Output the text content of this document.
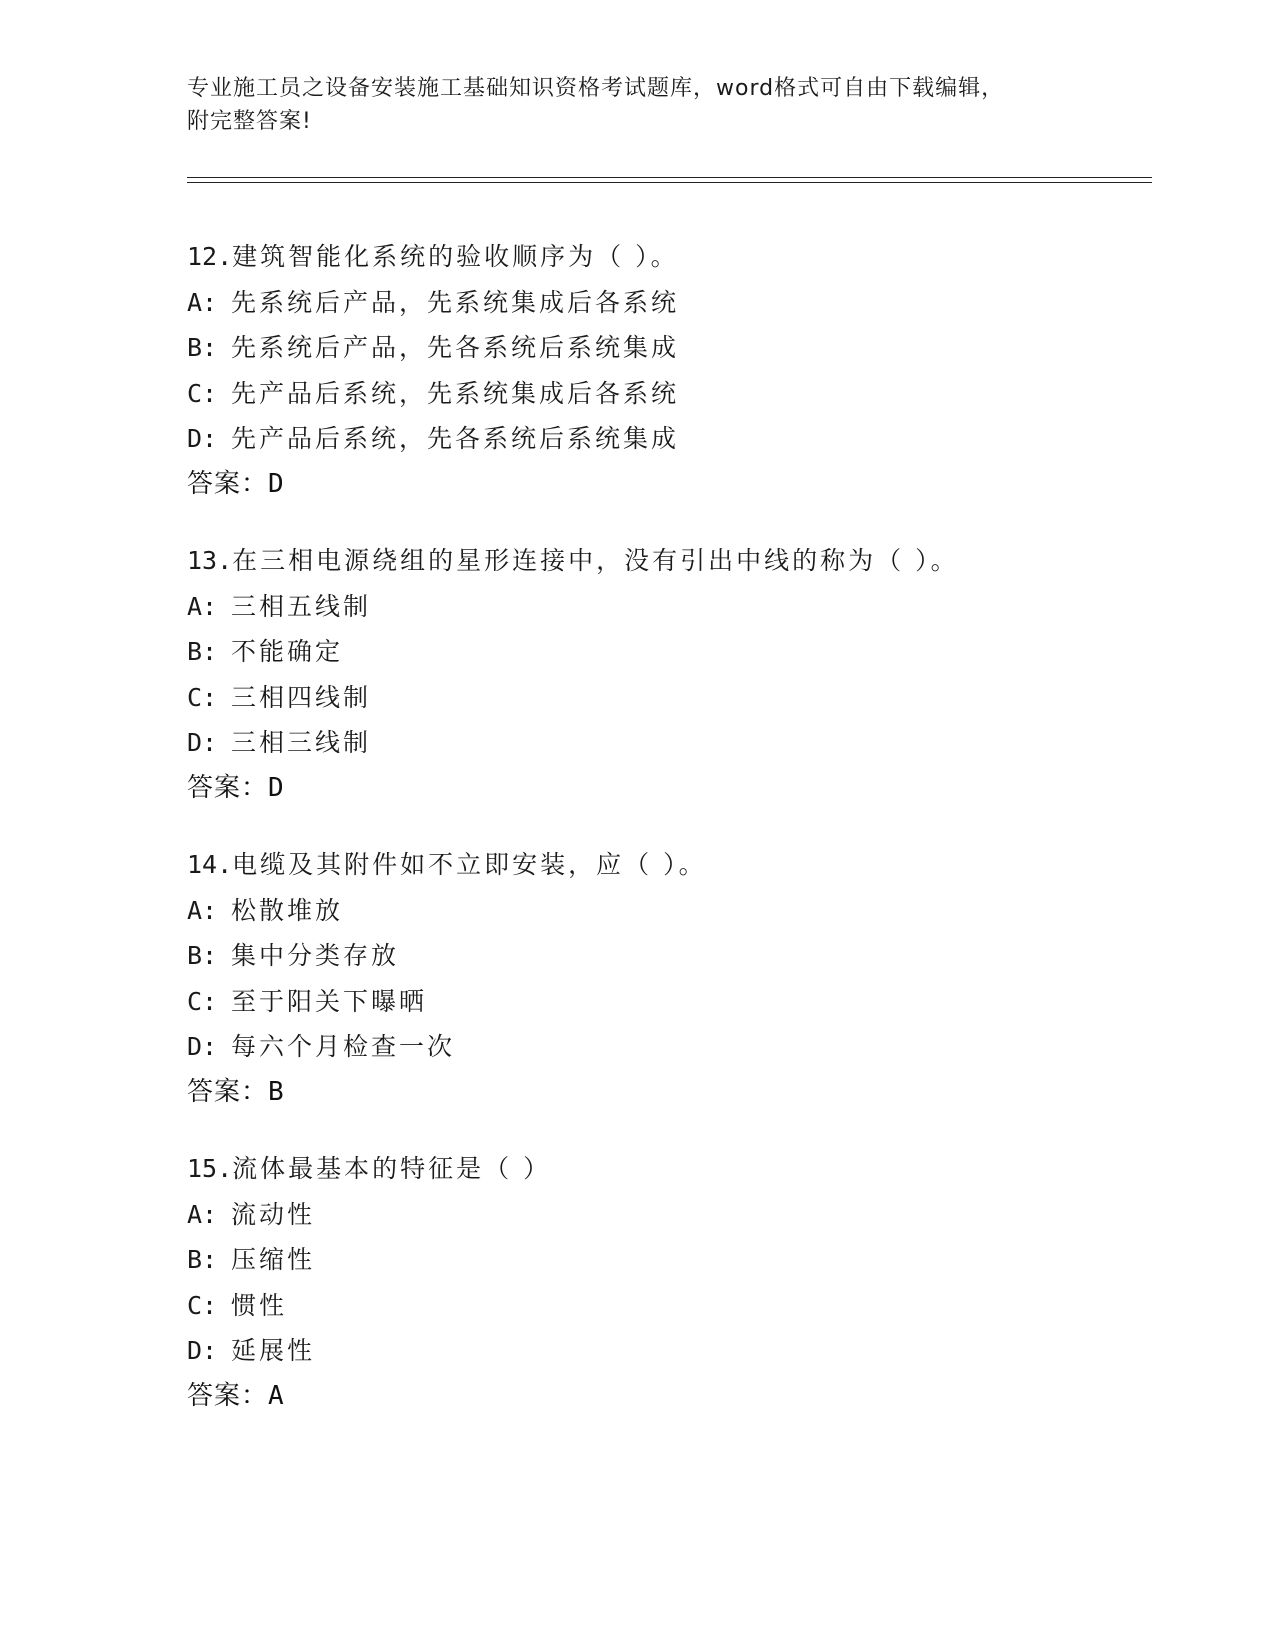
专业施工员之设备安装施工基础知识资格考试题库，word格式可自由下载编辑，
附完整答案!
12.建筑智能化系统的验收顺序为（ ）。
A: 先系统后产品，先系统集成后各系统
B: 先系统后产品，先各系统后系统集成
C: 先产品后系统，先系统集成后各系统
D: 先产品后系统，先各系统后系统集成
答案：D
13.在三相电源绕组的星形连接中，没有引出中线的称为（ ）。
A: 三相五线制
B: 不能确定
C: 三相四线制
D: 三相三线制
答案：D
14.电缆及其附件如不立即安装，应（ ）。
A: 松散堆放
B: 集中分类存放
C: 至于阳关下曝晒
D: 每六个月检查一次
答案：B
15.流体最基本的特征是（ ）
A: 流动性
B: 压缩性
C: 惯性
D: 延展性
答案：A
